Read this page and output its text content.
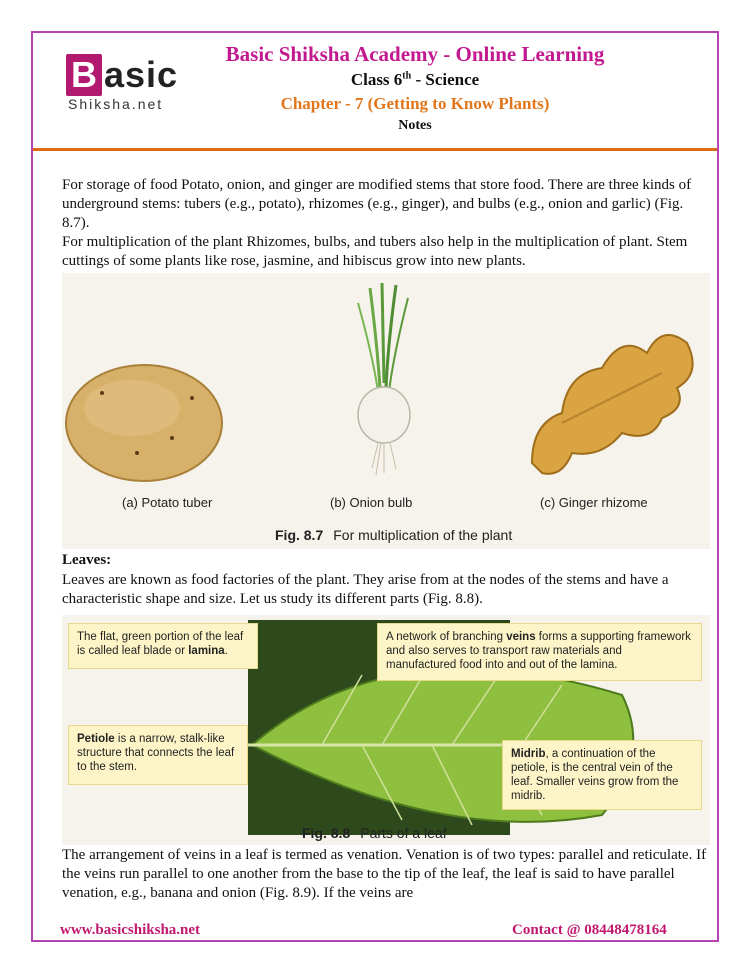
B asic
Shiksha.net
Basic Shiksha Academy - Online Learning
Class 6th - Science
Chapter - 7 (Getting to Know Plants)
Notes

For storage of food Potato, onion, and ginger are modified stems that store food. There are three kinds of underground stems: tubers (e.g., potato), rhizomes (e.g., ginger), and bulbs (e.g., onion and garlic) (Fig. 8.7).

For multiplication of the plant Rhizomes, bulbs, and tubers also help in the multiplication of plant. Stem cuttings of some plants like rose, jasmine, and hibiscus grow into new plants.

(a) Potato tuber	(b) Onion bulb	(c) Ginger rhizome
Fig. 8.7 For multiplication of the plant
Leaves:

Leaves are known as food factories of the plant. They arise from at the nodes of the stems and have a characteristic shape and size. Let us study its different parts (Fig. 8.8).

The flat, green portion of the leaf is called leaf blade or lamina.
A network of branching veins forms a supporting framework and also serves to transport raw materials and manufactured food into and out of the lamina.
Petiole is a narrow, stalk-like structure that connects the leaf to the stem.
Midrib, a continuation of the petiole, is the central vein of the leaf. Smaller veins grow from the midrib.
Fig. 8.8 Parts of a leaf

The arrangement of veins in a leaf is termed as venation. Venation is of two types: parallel and reticulate. If the veins run parallel to one another from the base to the tip of the leaf, the leaf is said to have parallel venation, e.g., banana and onion (Fig. 8.9). If the veins are

www.basicshiksha.net	Contact @ 08448478164
